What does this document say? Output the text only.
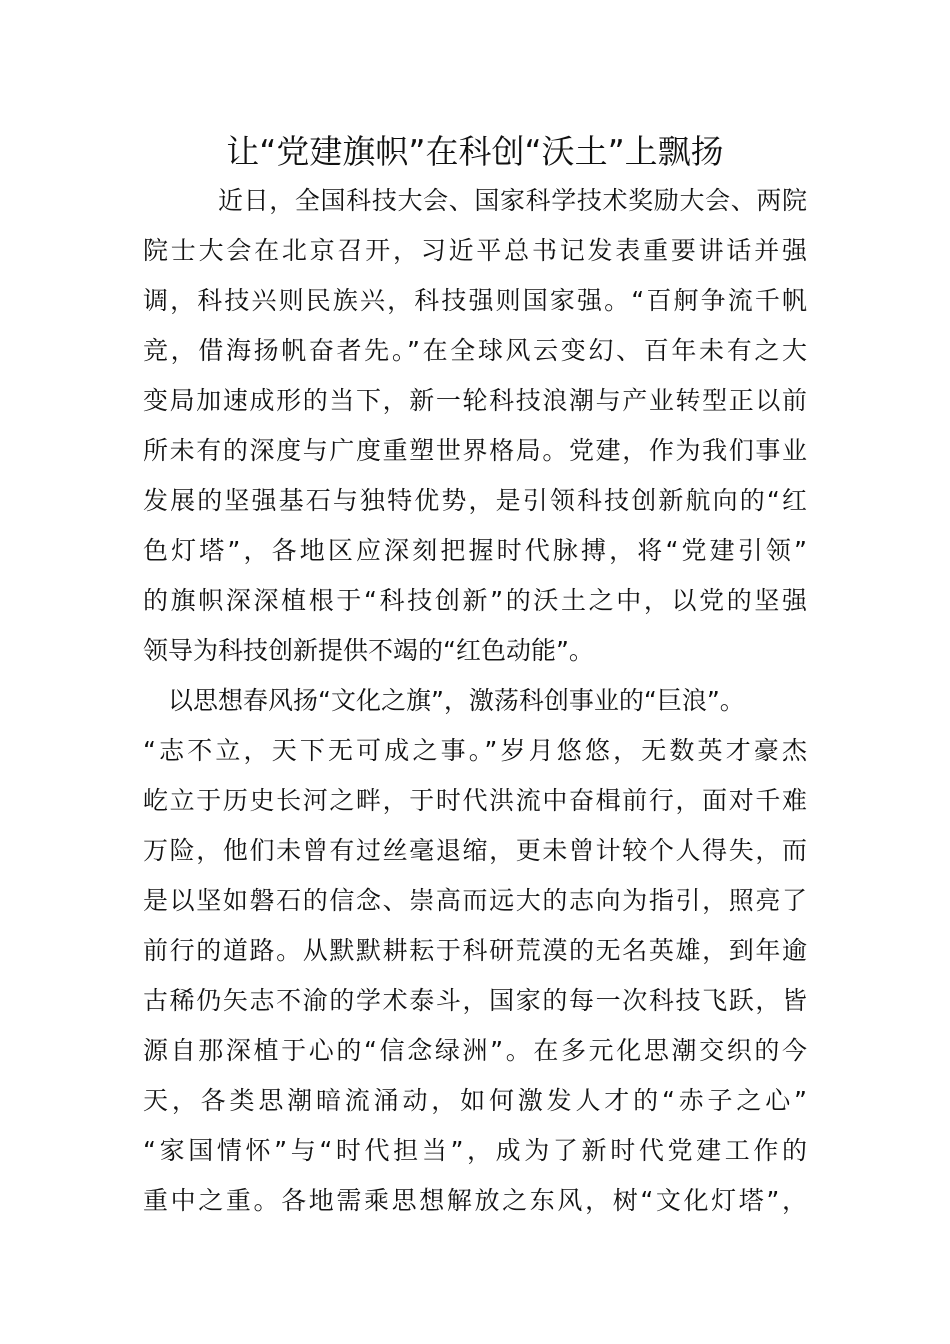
让“党建旗帜”在科创“沃土”上飘扬

近日，全国科技大会、国家科学技术奖励大会、两院
院士大会在北京召开，习近平总书记发表重要讲话并强
调，科技兴则民族兴，科技强则国家强。“百舸争流千帆
竞，借海扬帆奋者先。”在全球风云变幻、百年未有之大
变局加速成形的当下，新一轮科技浪潮与产业转型正以前
所未有的深度与广度重塑世界格局。党建，作为我们事业
发展的坚强基石与独特优势，是引领科技创新航向的“红
色灯塔”，各地区应深刻把握时代脉搏，将“党建引领”
的旗帜深深植根于“科技创新”的沃土之中，以党的坚强
领导为科技创新提供不竭的“红色动能”。

以思想春风扬“文化之旗”，激荡科创事业的“巨浪”。
“志不立，天下无可成之事。”岁月悠悠，无数英才豪杰
屹立于历史长河之畔，于时代洪流中奋楫前行，面对千难
万险，他们未曾有过丝毫退缩，更未曾计较个人得失，而
是以坚如磐石的信念、崇高而远大的志向为指引，照亮了
前行的道路。从默默耕耘于科研荒漠的无名英雄，到年逾
古稀仍矢志不渝的学术泰斗，国家的每一次科技飞跃，皆
源自那深植于心的“信念绿洲”。在多元化思潮交织的今
天，各类思潮暗流涌动，如何激发人才的“赤子之心”
“家国情怀”与“时代担当”，成为了新时代党建工作的
重中之重。各地需乘思想解放之东风，树“文化灯塔”，
